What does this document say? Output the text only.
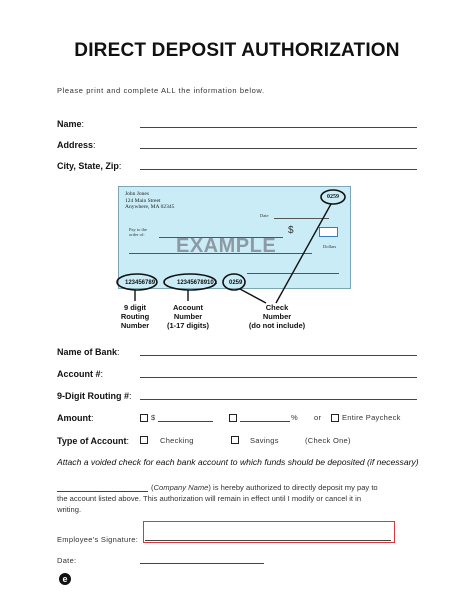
DIRECT DEPOSIT AUTHORIZATION
Please print and complete ALL the information below.
Name:
Address:
City, State, Zip:
John Jones
124 Main Street
Anywhere, MA 02345
0259
Date
Pay to the order of:	$
EXAMPLE	Dollars
123456789	123456789101 0259
9 digit
Routing
Number
Account
Number
(1-17 digits)
Check
Number
(do not include)
Name of Bank:
Account #:
9-Digit Routing #:
Amount:	$	% or	Entire Paycheck
Type of Account:	Checking	Savings	(Check One)
Attach a voided check for each bank account to which funds should be deposited (if necessary)
(Company Name) is hereby authorized to directly deposit my pay to
the account listed above. This authorization will remain in effect until I modify or cancel it in
writing.
Employee's Signature:
Date:
e
